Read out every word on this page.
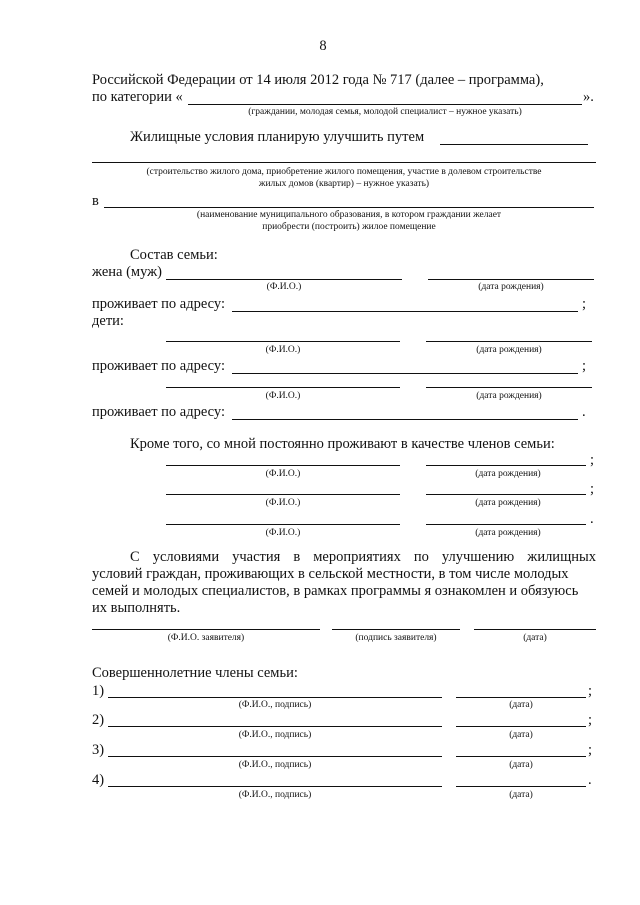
8
Российской Федерации от 14 июля 2012 года № 717 (далее – программа),
по категории «	».
(граждании, молодая семья, молодой специалист – нужное указать)
Жилищные условия планирую улучшить путем
(строительство жилого дома, приобретение жилого помещения, участие в долевом строительстве
жилых домов (квартир) – нужное указать)
в
(наименование муниципального образования, в котором граждании желает
приобрести (построить) жилое помещение
Состав семьи:
жена (муж)
(Ф.И.О.)	(дата рождения)
проживает по адресу:	;
дети:
(Ф.И.О.)	(дата рождения)
проживает по адресу:	;
(Ф.И.О.)	(дата рождения)
проживает по адресу:	.
Кроме того, со мной постоянно проживают в качестве членов семьи:
;
(Ф.И.О.)	(дата рождения)
;
(Ф.И.О.)	(дата рождения)
.
(Ф.И.О.)	(дата рождения)
С условиями участия в мероприятиях по улучшению жилищных
условий граждан, проживающих в сельской местности, в том числе молодых
семей и молодых специалистов, в рамках программы я ознакомлен и обязуюсь
их выполнять.
(Ф.И.О. заявителя)	(подпись заявителя)	(дата)
Совершеннолетние члены семьи:
1)	;
(Ф.И.О., подпись)	(дата)
2)	;
(Ф.И.О., подпись)	(дата)
3)	;
(Ф.И.О., подпись)	(дата)
4)	.
(Ф.И.О., подпись)	(дата)
